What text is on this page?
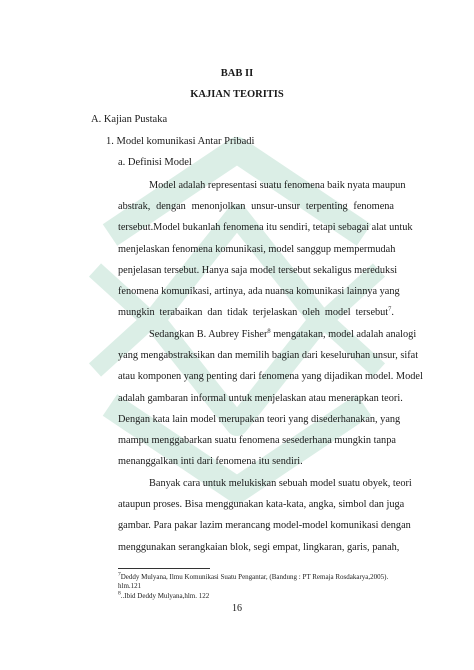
BAB II
KAJIAN TEORITIS
A. Kajian Pustaka
1. Model komunikasi Antar Pribadi
a. Definisi Model
Model adalah representasi suatu fenomena baik nyata maupun
abstrak, dengan menonjolkan unsur-unsur terpenting fenomena
tersebut.Model bukanlah fenomena itu sendiri, tetapi sebagai alat untuk
menjelaskan fenomena komunikasi, model sanggup mempermudah
penjelasan tersebut. Hanya saja model tersebut sekaligus mereduksi
fenomena komunikasi, artinya, ada nuansa komunikasi lainnya yang
mungkin terabaikan dan tidak terjelaskan oleh model tersebut$^7$.
Sedangkan B. Aubrey Fisher$^8$ mengatakan, model adalah analogi
yang mengabstraksikan dan memilih bagian dari keseluruhan unsur, sifat
atau komponen yang penting dari fenomena yang dijadikan model. Model
adalah gambaran informal untuk menjelaskan atau menerapkan teori.
Dengan kata lain model merupakan teori yang disederhanakan, yang
mampu menggabarkan suatu fenomena sesederhana mungkin tanpa
menanggalkan inti dari fenomena itu sendiri.
Banyak cara untuk melukiskan sebuah model suatu obyek, teori
ataupun proses. Bisa menggunakan kata-kata, angka, simbol dan juga
gambar. Para pakar lazim merancang model-model komunikasi dengan
menggunakan serangkaian blok, segi empat, lingkaran, garis, panah,
$^7$Deddy Mulyana, Ilmu Komunikasi Suatu Pengantar, (Bandung : PT Remaja Rosdakarya,2005). hlm.121
$^8$..Ibid Deddy Mulyana,hlm. 122
16
